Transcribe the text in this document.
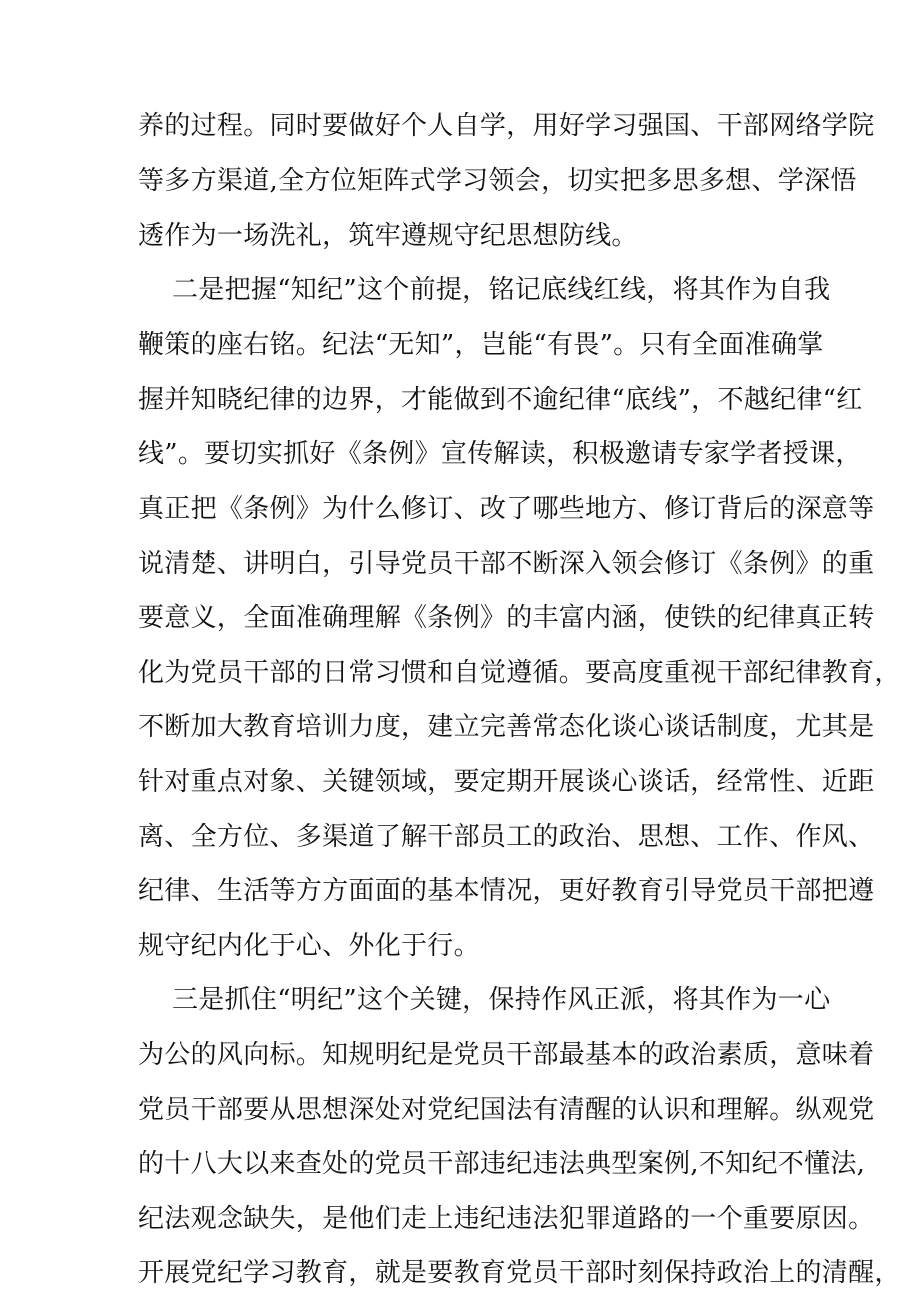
养的过程。同时要做好个人自学，用好学习强国、干部网络学院
等多方渠道,全方位矩阵式学习领会，切实把多思多想、学深悟
透作为一场洗礼，筑牢遵规守纪思想防线。
二是把握“知纪”这个前提，铭记底线红线，将其作为自我
鞭策的座右铭。纪法“无知”，岂能“有畏”。只有全面准确掌
握并知晓纪律的边界，才能做到不逾纪律“底线”，不越纪律“红
线”。要切实抓好《条例》宣传解读，积极邀请专家学者授课，
真正把《条例》为什么修订、改了哪些地方、修订背后的深意等
说清楚、讲明白，引导党员干部不断深入领会修订《条例》的重
要意义，全面准确理解《条例》的丰富内涵，使铁的纪律真正转
化为党员干部的日常习惯和自觉遵循。要高度重视干部纪律教育，
不断加大教育培训力度，建立完善常态化谈心谈话制度，尤其是
针对重点对象、关键领域，要定期开展谈心谈话，经常性、近距
离、全方位、多渠道了解干部员工的政治、思想、工作、作风、
纪律、生活等方方面面的基本情况，更好教育引导党员干部把遵
规守纪内化于心、外化于行。
三是抓住“明纪”这个关键，保持作风正派，将其作为一心
为公的风向标。知规明纪是党员干部最基本的政治素质，意味着
党员干部要从思想深处对党纪国法有清醒的认识和理解。纵观党
的十八大以来查处的党员干部违纪违法典型案例,不知纪不懂法,
纪法观念缺失，是他们走上违纪违法犯罪道路的一个重要原因。
开展党纪学习教育，就是要教育党员干部时刻保持政治上的清醒，
